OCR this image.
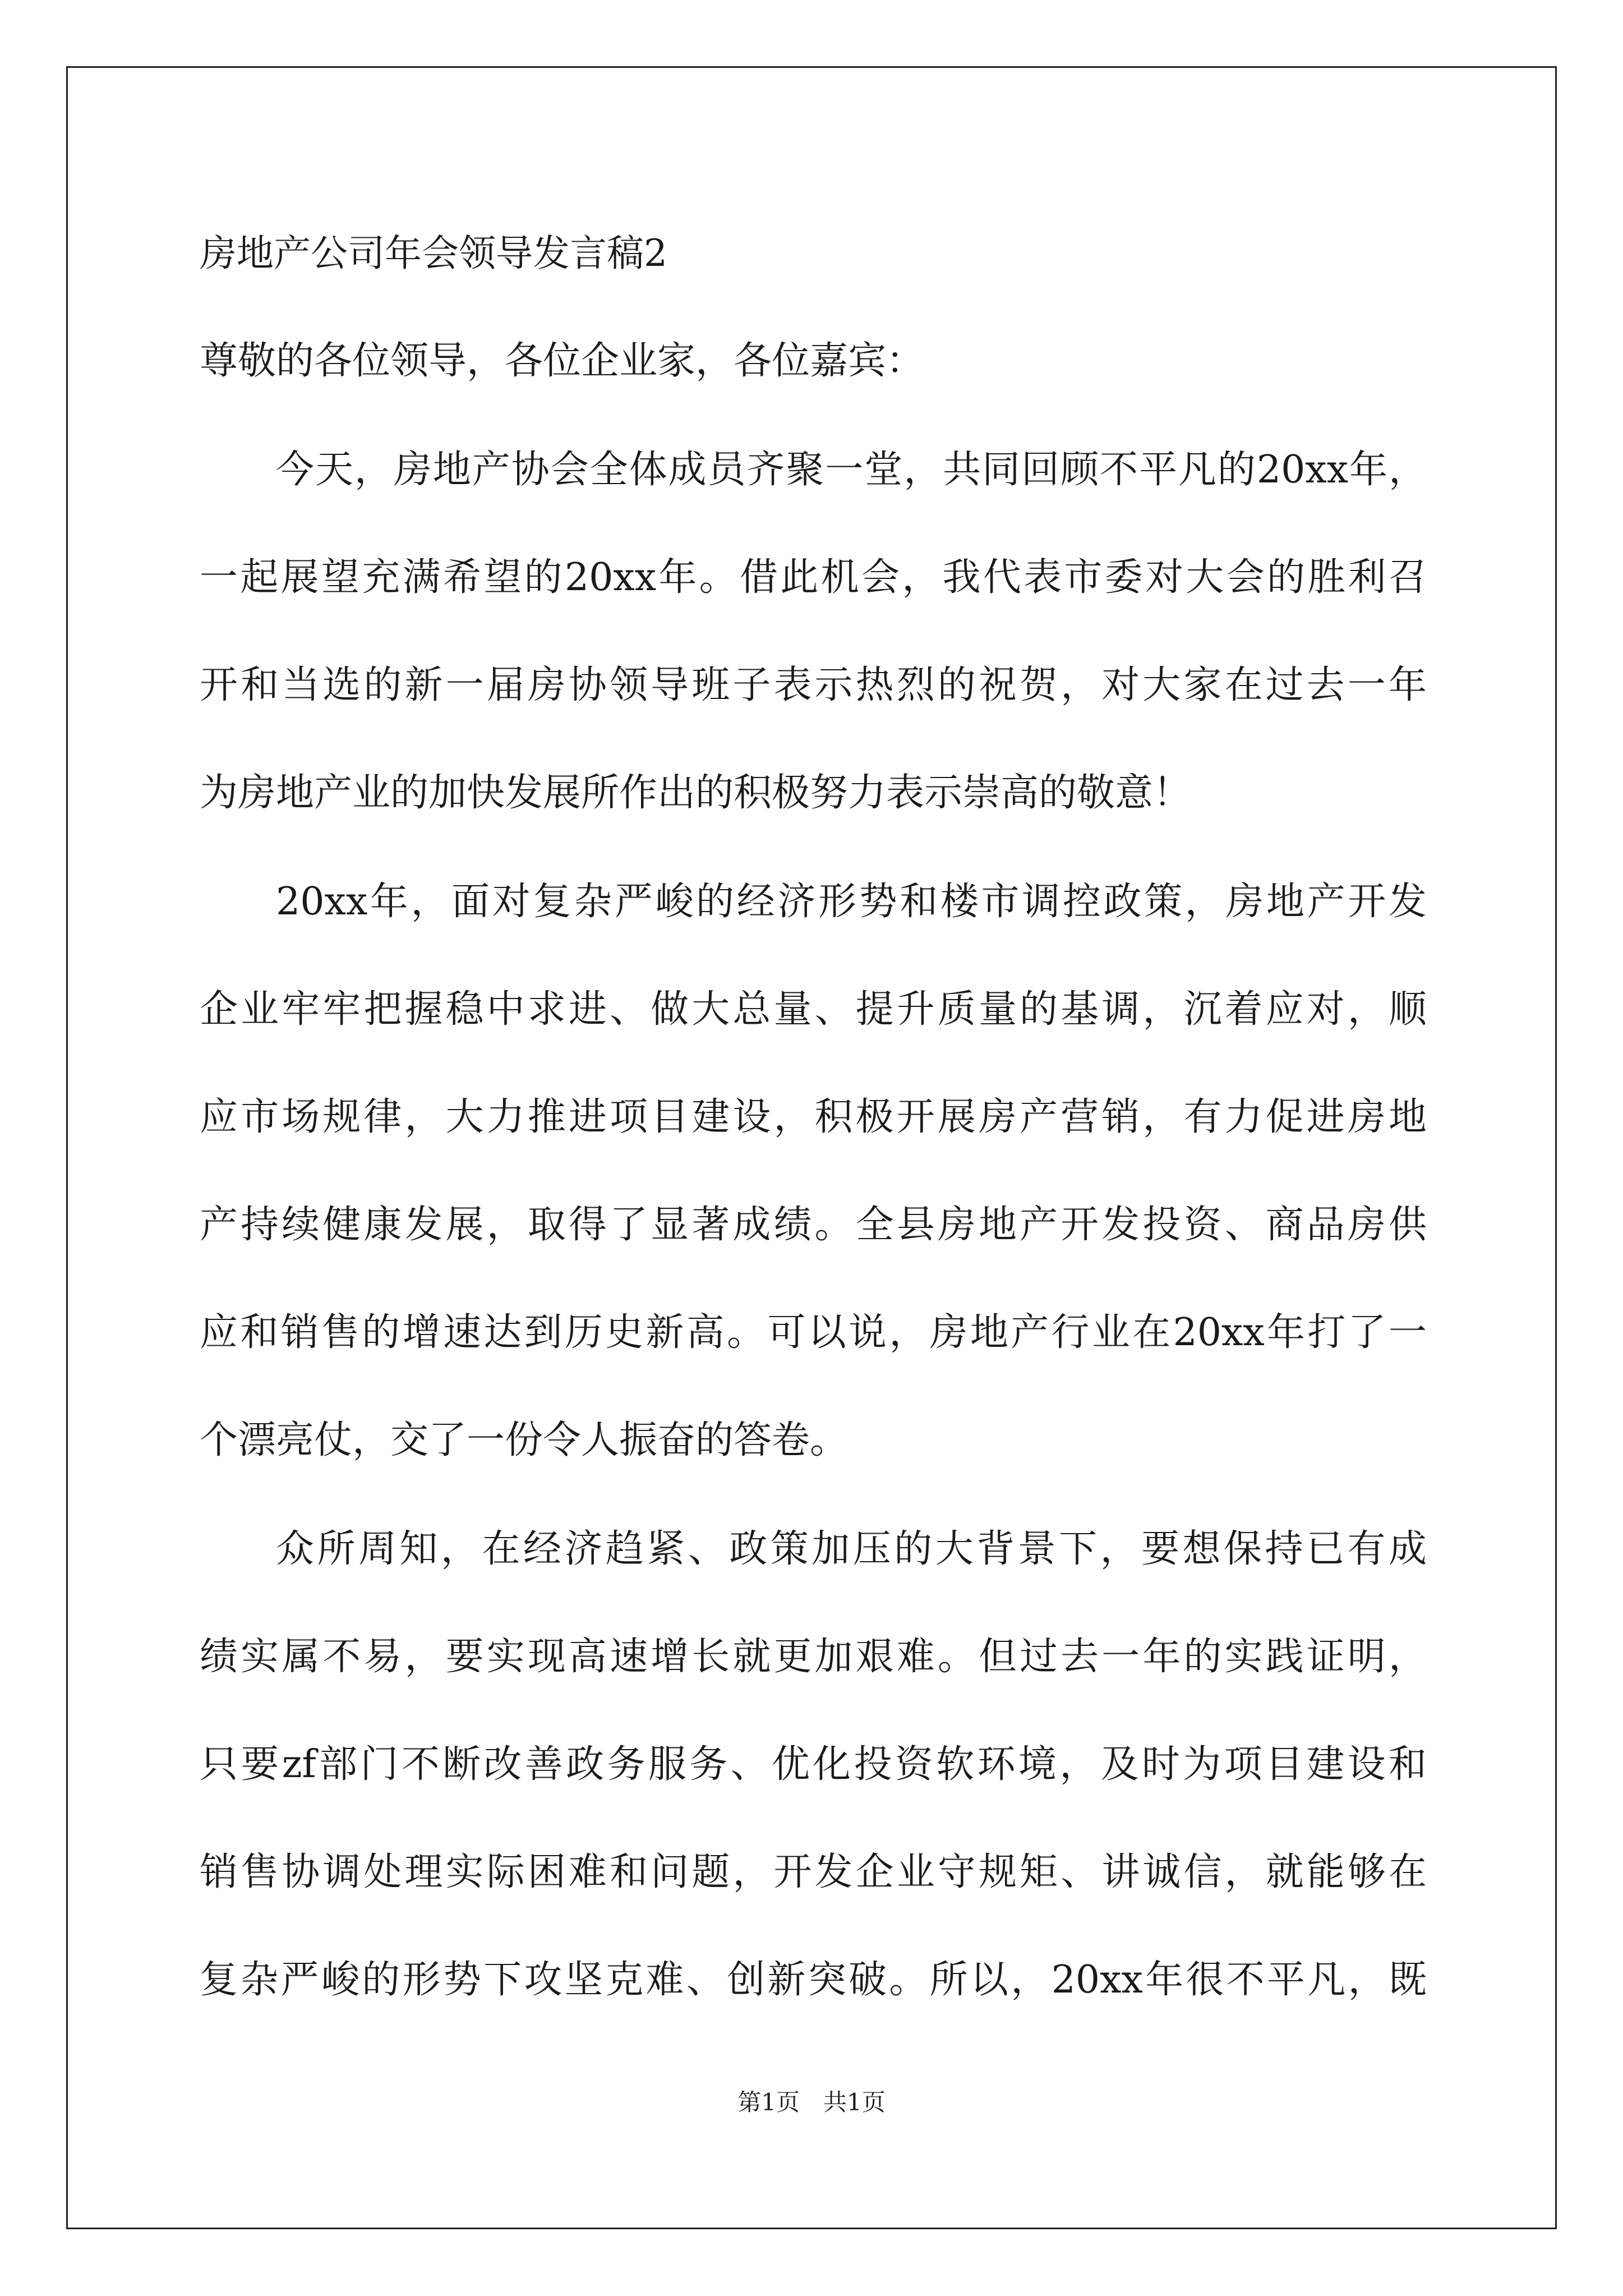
房地产公司年会领导发言稿2
尊敬的各位领导，各位企业家，各位嘉宾：
今天，房地产协会全体成员齐聚一堂，共同回顾不平凡的20xx年，
一起展望充满希望的20xx年。借此机会，我代表市委对大会的胜利召
开和当选的新一届房协领导班子表示热烈的祝贺，对大家在过去一年
为房地产业的加快发展所作出的积极努力表示崇高的敬意！
20xx年，面对复杂严峻的经济形势和楼市调控政策，房地产开发
企业牢牢把握稳中求进、做大总量、提升质量的基调，沉着应对，顺
应市场规律，大力推进项目建设，积极开展房产营销，有力促进房地
产持续健康发展，取得了显著成绩。全县房地产开发投资、商品房供
应和销售的增速达到历史新高。可以说，房地产行业在20xx年打了一
个漂亮仗，交了一份令人振奋的答卷。
众所周知，在经济趋紧、政策加压的大背景下，要想保持已有成
绩实属不易，要实现高速增长就更加艰难。但过去一年的实践证明，
只要zf部门不断改善政务服务、优化投资软环境，及时为项目建设和
销售协调处理实际困难和问题，开发企业守规矩、讲诚信，就能够在
复杂严峻的形势下攻坚克难、创新突破。所以，20xx年很不平凡，既
第1页　共1页
